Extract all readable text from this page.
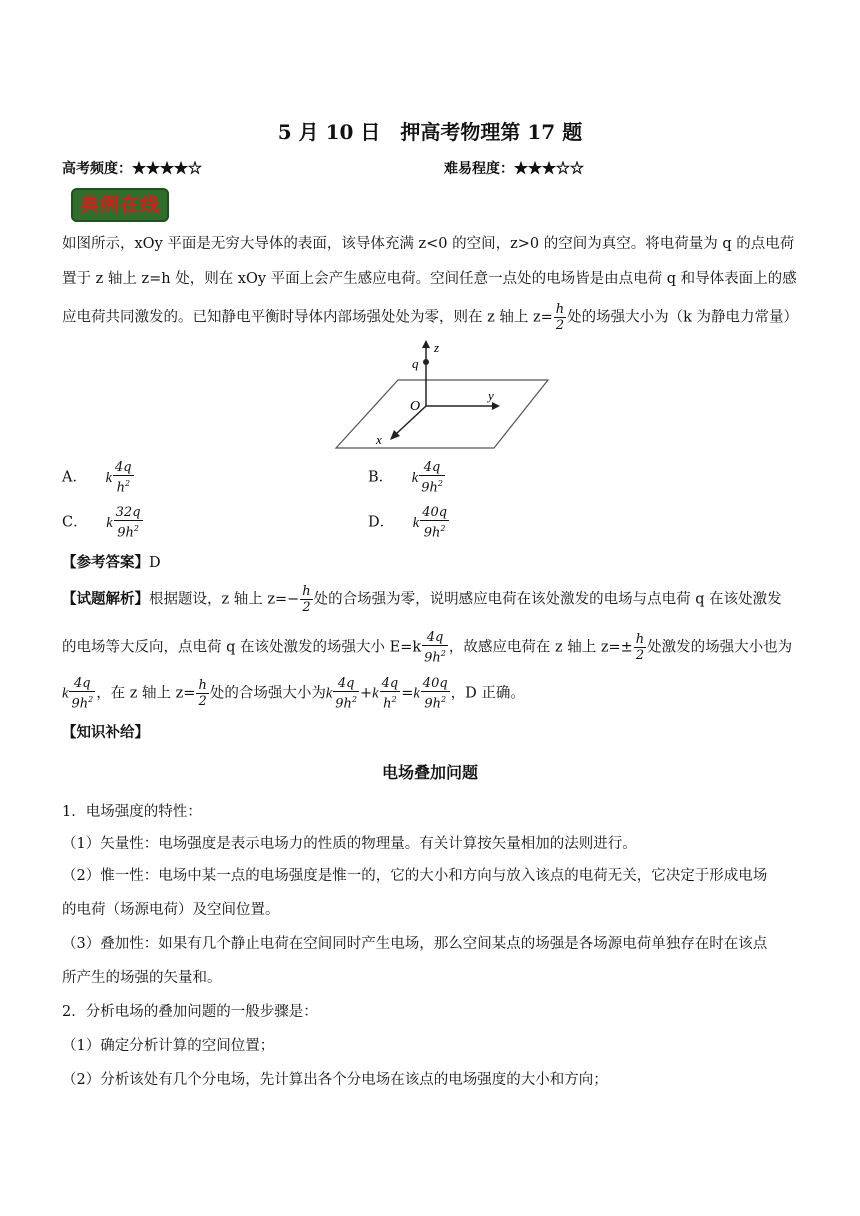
5 月 10 日　押高考物理第 17 题
高考频度：★★★★☆	难易程度：★★★☆☆
典例在线
如图所示，xOy 平面是无穷大导体的表面，该导体充满 z<0 的空间，z>0 的空间为真空。将电荷量为 q 的点电荷
置于 z 轴上 z=h 处，则在 xOy 平面上会产生感应电荷。空间任意一点处的电场皆是由点电荷 q 和导体表面上的感
应电荷共同激发的。已知静电平衡时导体内部场强处处为零，则在 z 轴上 $z= \frac{h}{2}$ 处的场强大小为（k 为静电力常量）
q
z
O
y
x
A． k $\frac{4q}{h^2}$	B． k $\frac{4q}{9h^2}$
C． k $\frac{32q}{9h^2}$	D． k $\frac{40q}{9h^2}$
【参考答案】D
【试题解析】根据题设，z 轴上 $z=- \frac{h}{2}$ 处的合场强为零，说明感应电荷在该处激发的电场与点电荷 q 在该处激发
的电场等大反向，点电荷 q 在该处激发的场强大小 $E=k \frac{4q}{9h^2}$ ，故感应电荷在 z 轴上 $z=\pm \frac{h}{2}$ 处激发的场强大小也为
k $\frac{4q}{9h^2}$ ，在 z 轴上 $z= \frac{h}{2}$ 处的合场强大小为k $\frac{4q}{9h^2} +k \frac{4q}{h^2} =k \frac{40q}{9h^2}$ ，D 正确。
【知识补给】
电场叠加问题
1．电场强度的特性：
（1）矢量性：电场强度是表示电场力的性质的物理量。有关计算按矢量相加的法则进行。
（2）惟一性：电场中某一点的电场强度是惟一的，它的大小和方向与放入该点的电荷无关，它决定于形成电场
的电荷（场源电荷）及空间位置。
（3）叠加性：如果有几个静止电荷在空间同时产生电场，那么空间某点的场强是各场源电荷单独存在时在该点
所产生的场强的矢量和。
2．分析电场的叠加问题的一般步骤是：
（1）确定分析计算的空间位置；
（2）分析该处有几个分电场，先计算出各个分电场在该点的电场强度的大小和方向；
